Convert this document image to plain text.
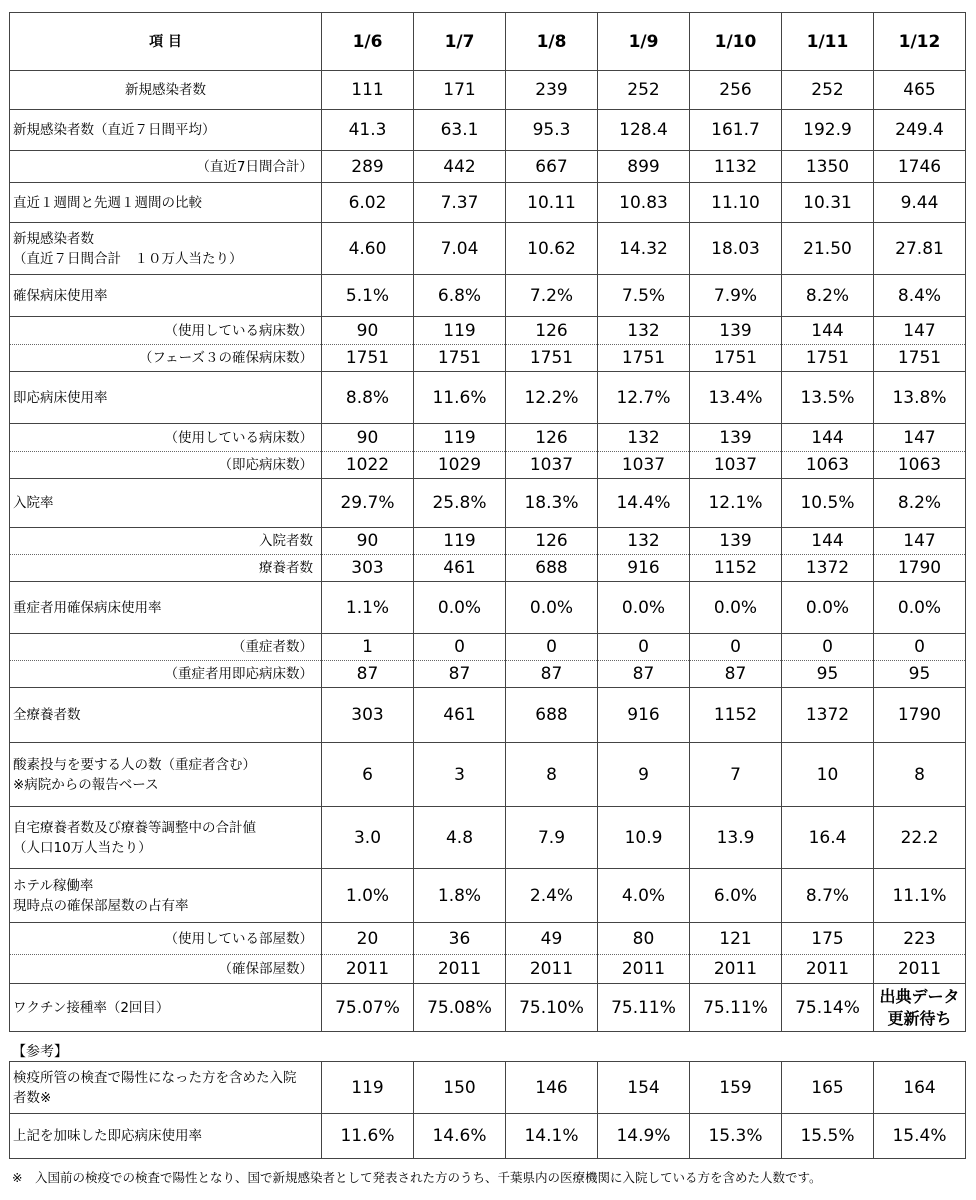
項 目	1/6	1/7	1/8	1/9	1/10	1/11	1/12

新規感染者数	111	171	239	252	256	252	465

新規感染者数（直近７日間平均）	41.3	63.1	95.3	128.4	161.7	192.9	249.4

（直近7日間合計）	289	442	667	899	1132	1350	1746

直近１週間と先週１週間の比較	6.02	7.37	10.11	10.83	11.10	10.31	9.44

新規感染者数
（直近７日間合計　１０万人当たり）	4.60	7.04	10.62	14.32	18.03	21.50	27.81

確保病床使用率	5.1%	6.8%	7.2%	7.5%	7.9%	8.2%	8.4%

（使用している病床数）	90	119	126	132	139	144	147

（フェーズ３の確保病床数）	1751	1751	1751	1751	1751	1751	1751

即応病床使用率	8.8%	11.6%	12.2%	12.7%	13.4%	13.5%	13.8%

（使用している病床数）	90	119	126	132	139	144	147

（即応病床数）	1022	1029	1037	1037	1037	1063	1063

入院率	29.7%	25.8%	18.3%	14.4%	12.1%	10.5%	8.2%

入院者数	90	119	126	132	139	144	147

療養者数	303	461	688	916	1152	1372	1790

重症者用確保病床使用率	1.1%	0.0%	0.0%	0.0%	0.0%	0.0%	0.0%

（重症者数）	1	0	0	0	0	0	0

（重症者用即応病床数）	87	87	87	87	87	95	95

全療養者数	303	461	688	916	1152	1372	1790

酸素投与を要する人の数（重症者含む）
※病院からの報告ベース	6	3	8	9	7	10	8

自宅療養者数及び療養等調整中の合計値
（人口10万人当たり）	3.0	4.8	7.9	10.9	13.9	16.4	22.2

ホテル稼働率
現時点の確保部屋数の占有率	1.0%	1.8%	2.4%	4.0%	6.0%	8.7%	11.1%

（使用している部屋数）	20	36	49	80	121	175	223

（確保部屋数）	2011	2011	2011	2011	2011	2011	2011

ワクチン接種率（2回目）	75.07%	75.08%	75.10%	75.11%	75.11%	75.14%	出典データ
更新待ち
【参考】
検疫所管の検査で陽性になった方を含めた入院
者数※	119	150	146	154	159	165	164

上記を加味した即応病床使用率	11.6%	14.6%	14.1%	14.9%	15.3%	15.5%	15.4%
※　入国前の検疫での検査で陽性となり、国で新規感染者として発表された方のうち、千葉県内の医療機関に入院している方を含めた人数です。
